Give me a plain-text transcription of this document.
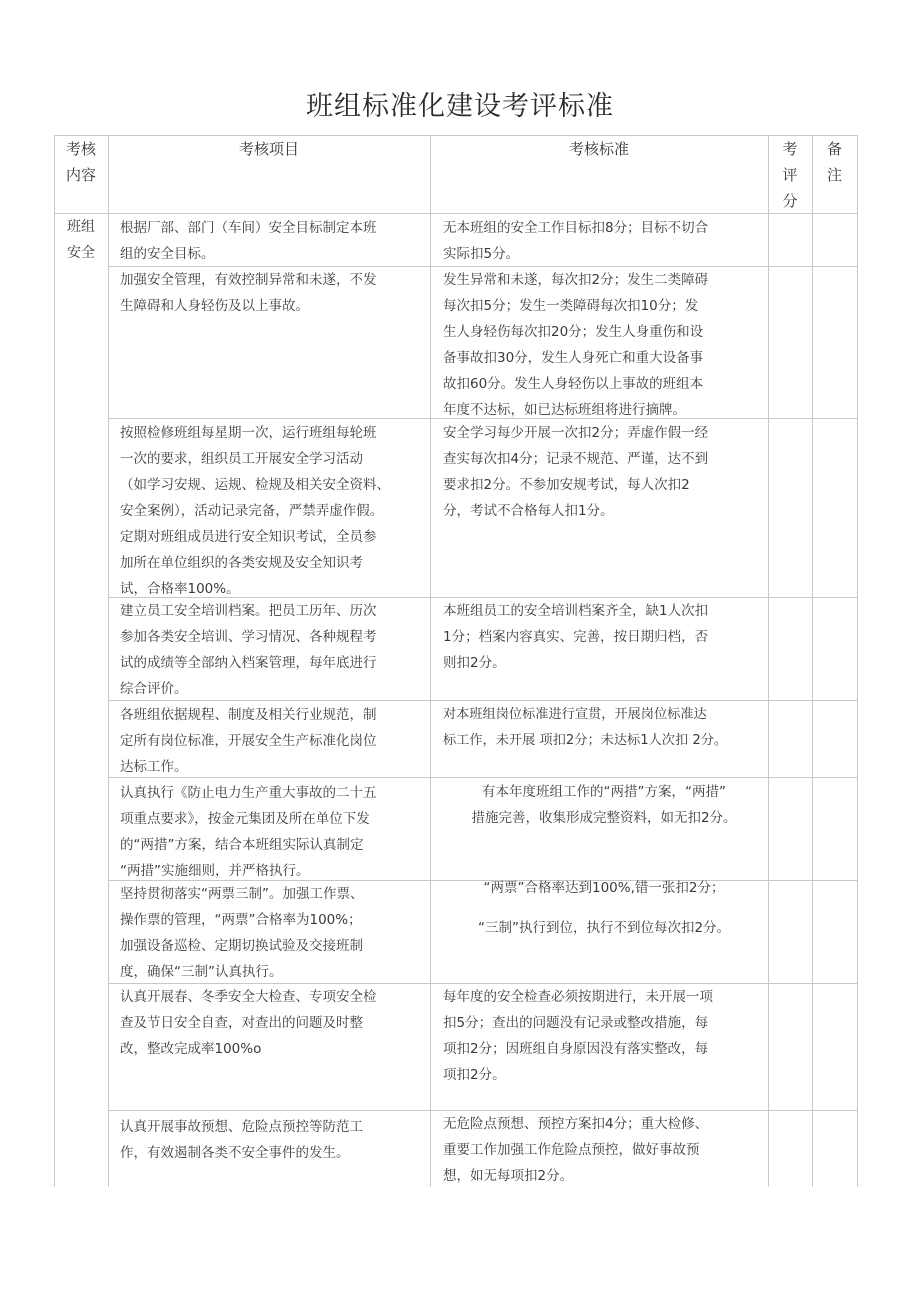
班组标准化建设考评标准
考核
内容
考核项目	考核标准	考
评
分
备
注
班组
安全
根据厂部、部门（车间）安全目标制定本班
组的安全目标。
加强安全管理，有效控制异常和未遂，不发
生障碍和人身轻伤及以上事故。
按照检修班组每星期一次，运行班组每轮班
一次的要求，组织员工开展安全学习活动
（如学习安规、运规、检规及相关安全资料、
安全案例），活动记录完备，严禁弄虚作假。
定期对班组成员进行安全知识考试，全员参
加所在单位组织的各类安规及安全知识考
试，合格率100%。
建立员工安全培训档案。把员工历年、历次
参加各类安全培训、学习情况、各种规程考
试的成绩等全部纳入档案管理，每年底进行
综合评价。
各班组依据规程、制度及相关行业规范，制
定所有岗位标准，开展安全生产标准化岗位
达标工作。
认真执行《防止电力生产重大事故的二十五
项重点要求》，按金元集团及所在单位下发
的“两措”方案，结合本班组实际认真制定
“两措”实施细则，并严格执行。
坚持贯彻落实“两票三制”。加强工作票、
操作票的管理，“两票”合格率为100%；
加强设备巡检、定期切换试验及交接班制
度，确保“三制”认真执行。
认真开展春、冬季安全大检查、专项安全检
查及节日安全自查，对查出的问题及时整
改，整改完成率100%o
认真开展事故预想、危险点预控等防范工
作，有效遏制各类不安全事件的发生。
无本班组的安全工作目标扣8分；目标不切合
实际扣5分。
发生异常和未遂，每次扣2分；发生二类障碍
每次扣5分；发生一类障碍每次扣10分；发
生人身轻伤每次扣20分；发生人身重伤和设
备事故扣30分，发生人身死亡和重大设备事
故扣60分。发生人身轻伤以上事故的班组本
年度不达标，如已达标班组将进行摘牌。
安全学习每少开展一次扣2分；弄虚作假一经
查实每次扣4分；记录不规范、严谨，达不到
要求扣2分。不参加安规考试，每人次扣2
分，考试不合格每人扣1分。
本班组员工的安全培训档案齐全，缺1人次扣
1分；档案内容真实、完善，按日期归档，否
则扣2分。
对本班组岗位标准进行宣贯，开展岗位标准达
标工作，未开展 项扣2分；未达标1人次扣 2分。
有本年度班组工作的“两措”方案，“两措”
措施完善，收集形成完整资料，如无扣2分。
“两票”合格率达到100%,错一张扣2分；

“三制”执行到位，执行不到位每次扣2分。
每年度的安全检查必须按期进行，未开展一项
扣5分；查出的问题没有记录或整改措施，每
项扣2分；因班组自身原因没有落实整改，每
项扣2分。
无危险点预想、预控方案扣4分；重大检修、
重要工作加强工作危险点预控，做好事故预
想，如无每项扣2分。
